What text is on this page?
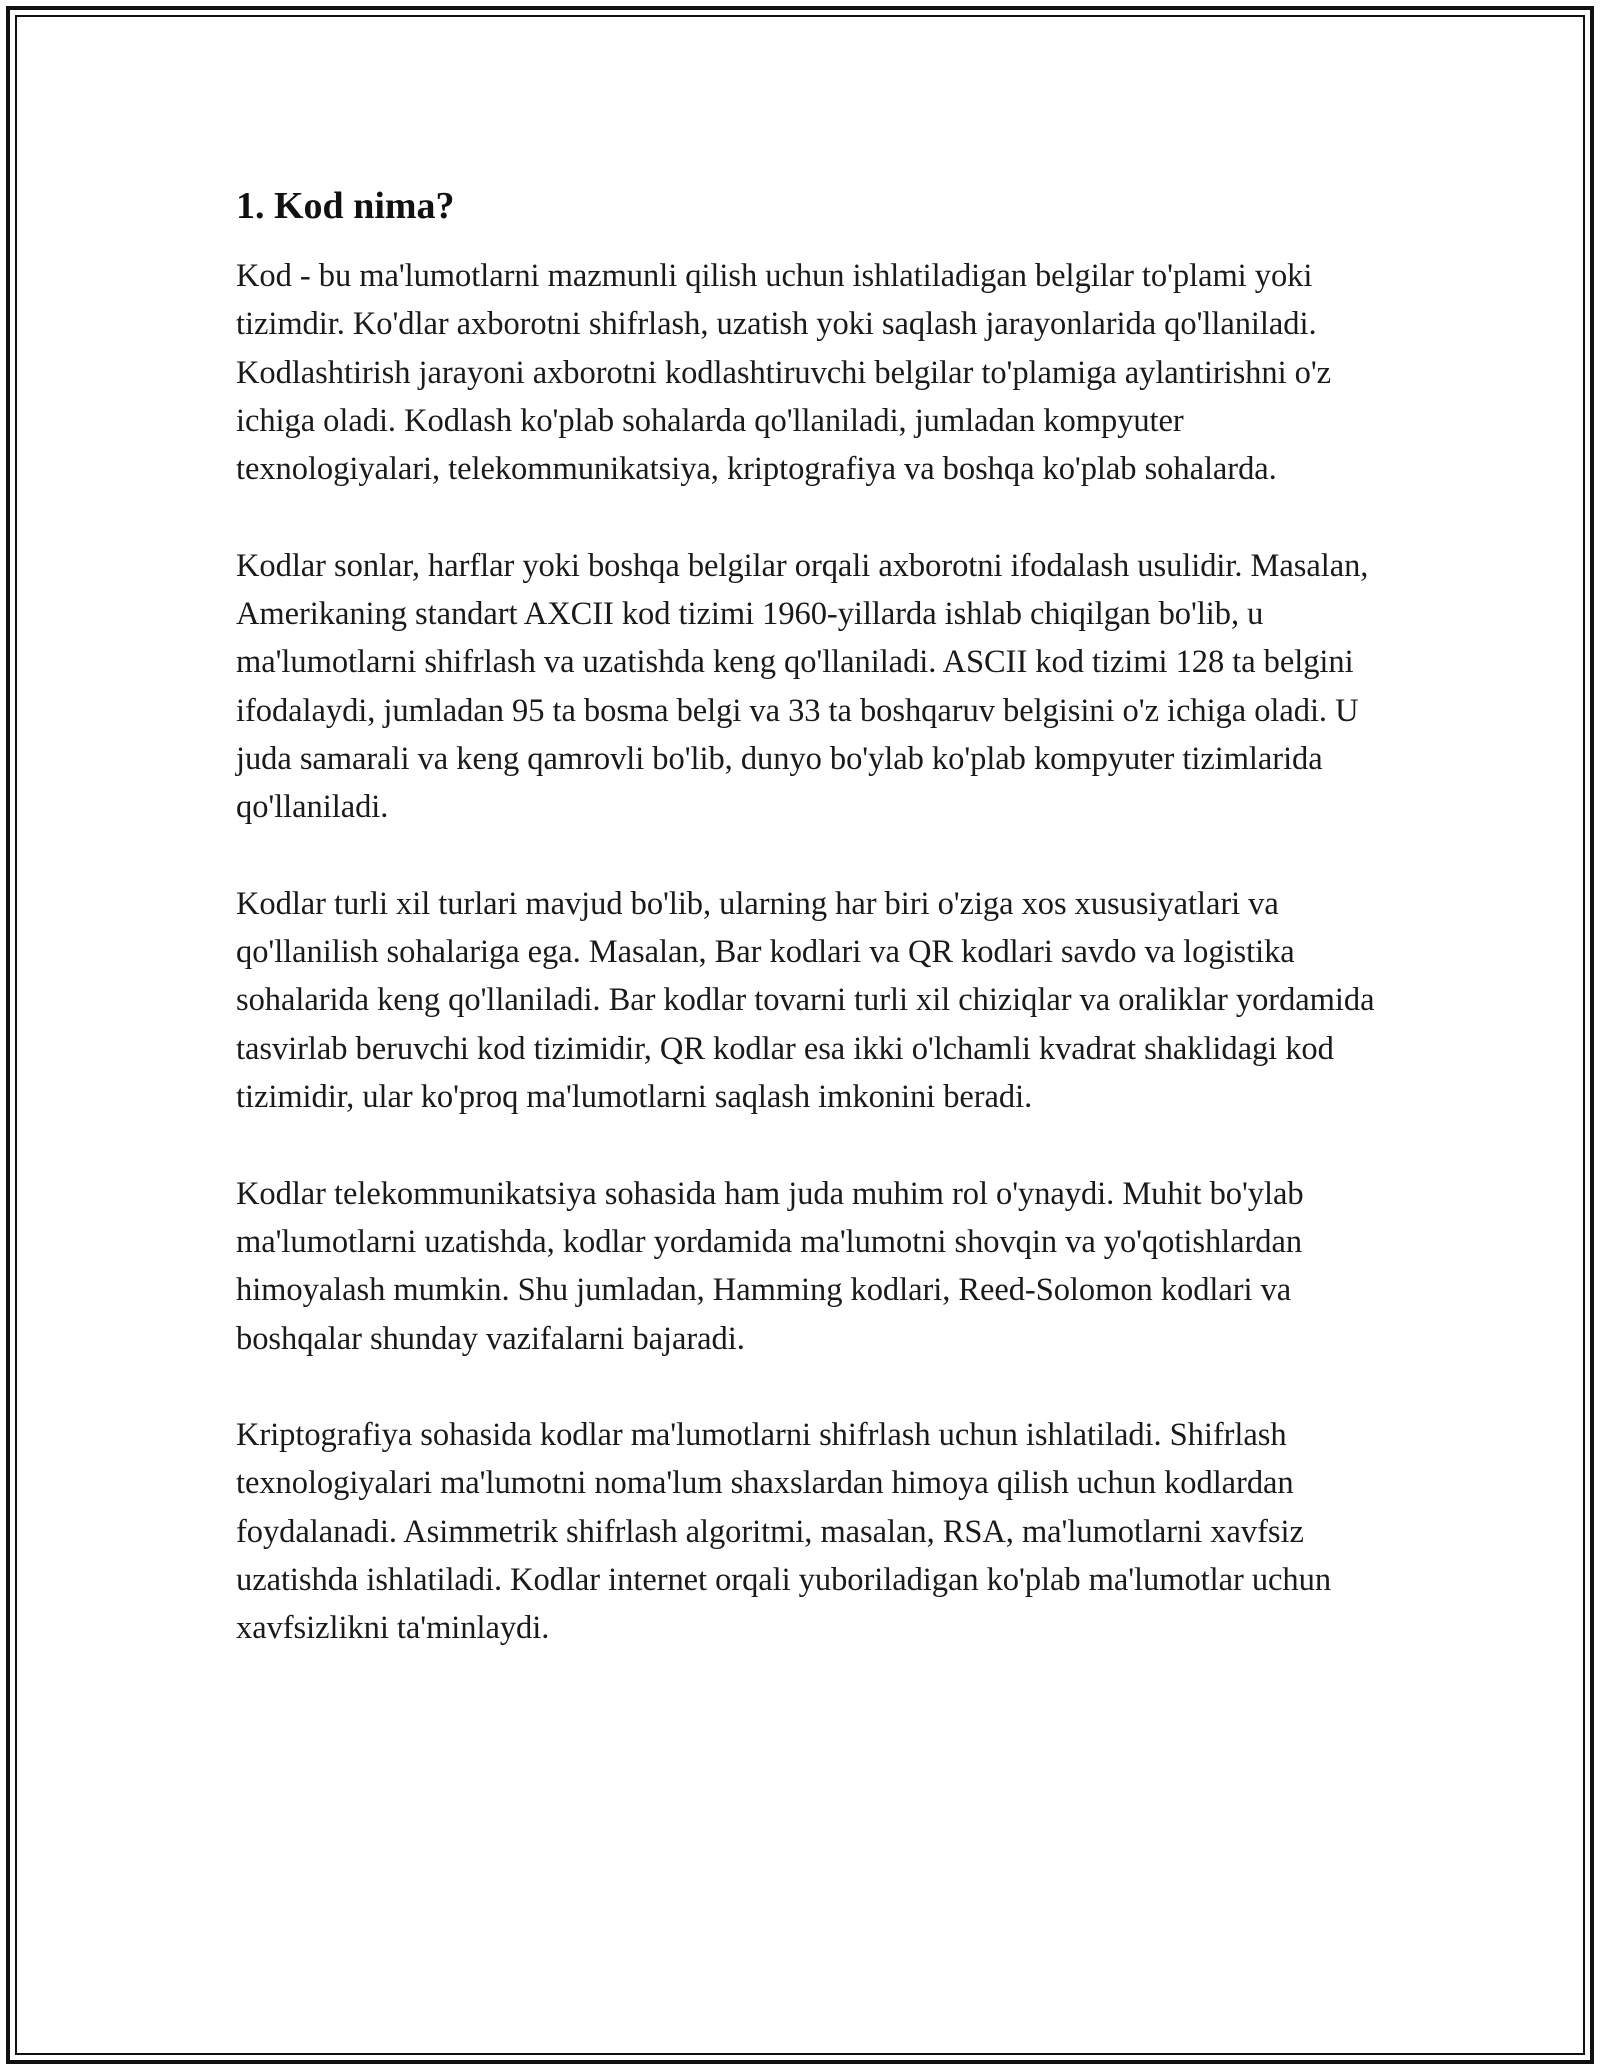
1. Kod nima?

Kod - bu ma'lumotlarni mazmunli qilish uchun ishlatiladigan belgilar to'plami yoki tizimdir. Ko'dlar axborotni shifrlash, uzatish yoki saqlash jarayonlarida qo'llaniladi. Kodlashtirish jarayoni axborotni kodlashtiruvchi belgilar to'plamiga aylantirishni o'z ichiga oladi. Kodlash ko'plab sohalarda qo'llaniladi, jumladan kompyuter texnologiyalari, telekommunikatsiya, kriptografiya va boshqa ko'plab sohalarda.

Kodlar sonlar, harflar yoki boshqa belgilar orqali axborotni ifodalash usulidir. Masalan, Amerikaning standart AXCII kod tizimi 1960-yillarda ishlab chiqilgan bo'lib, u ma'lumotlarni shifrlash va uzatishda keng qo'llaniladi. ASCII kod tizimi 128 ta belgini ifodalaydi, jumladan 95 ta bosma belgi va 33 ta boshqaruv belgisini o'z ichiga oladi. U juda samarali va keng qamrovli bo'lib, dunyo bo'ylab ko'plab kompyuter tizimlarida qo'llaniladi.

Kodlar turli xil turlari mavjud bo'lib, ularning har biri o'ziga xos xususiyatlari va qo'llanilish sohalariga ega. Masalan, Bar kodlari va QR kodlari savdo va logistika sohalarida keng qo'llaniladi. Bar kodlar tovarni turli xil chiziqlar va oraliklar yordamida tasvirlab beruvchi kod tizimidir, QR kodlar esa ikki o'lchamli kvadrat shaklidagi kod tizimidir, ular ko'proq ma'lumotlarni saqlash imkonini beradi.

Kodlar telekommunikatsiya sohasida ham juda muhim rol o'ynaydi. Muhit bo'ylab ma'lumotlarni uzatishda, kodlar yordamida ma'lumotni shovqin va yo'qotishlardan himoyalash mumkin. Shu jumladan, Hamming kodlari, Reed-Solomon kodlari va boshqalar shunday vazifalarni bajaradi.

Kriptografiya sohasida kodlar ma'lumotlarni shifrlash uchun ishlatiladi. Shifrlash texnologiyalari ma'lumotni noma'lum shaxslardan himoya qilish uchun kodlardan foydalanadi. Asimmetrik shifrlash algoritmi, masalan, RSA, ma'lumotlarni xavfsiz uzatishda ishlatiladi. Kodlar internet orqali yuboriladigan ko'plab ma'lumotlar uchun xavfsizlikni ta'minlaydi.
